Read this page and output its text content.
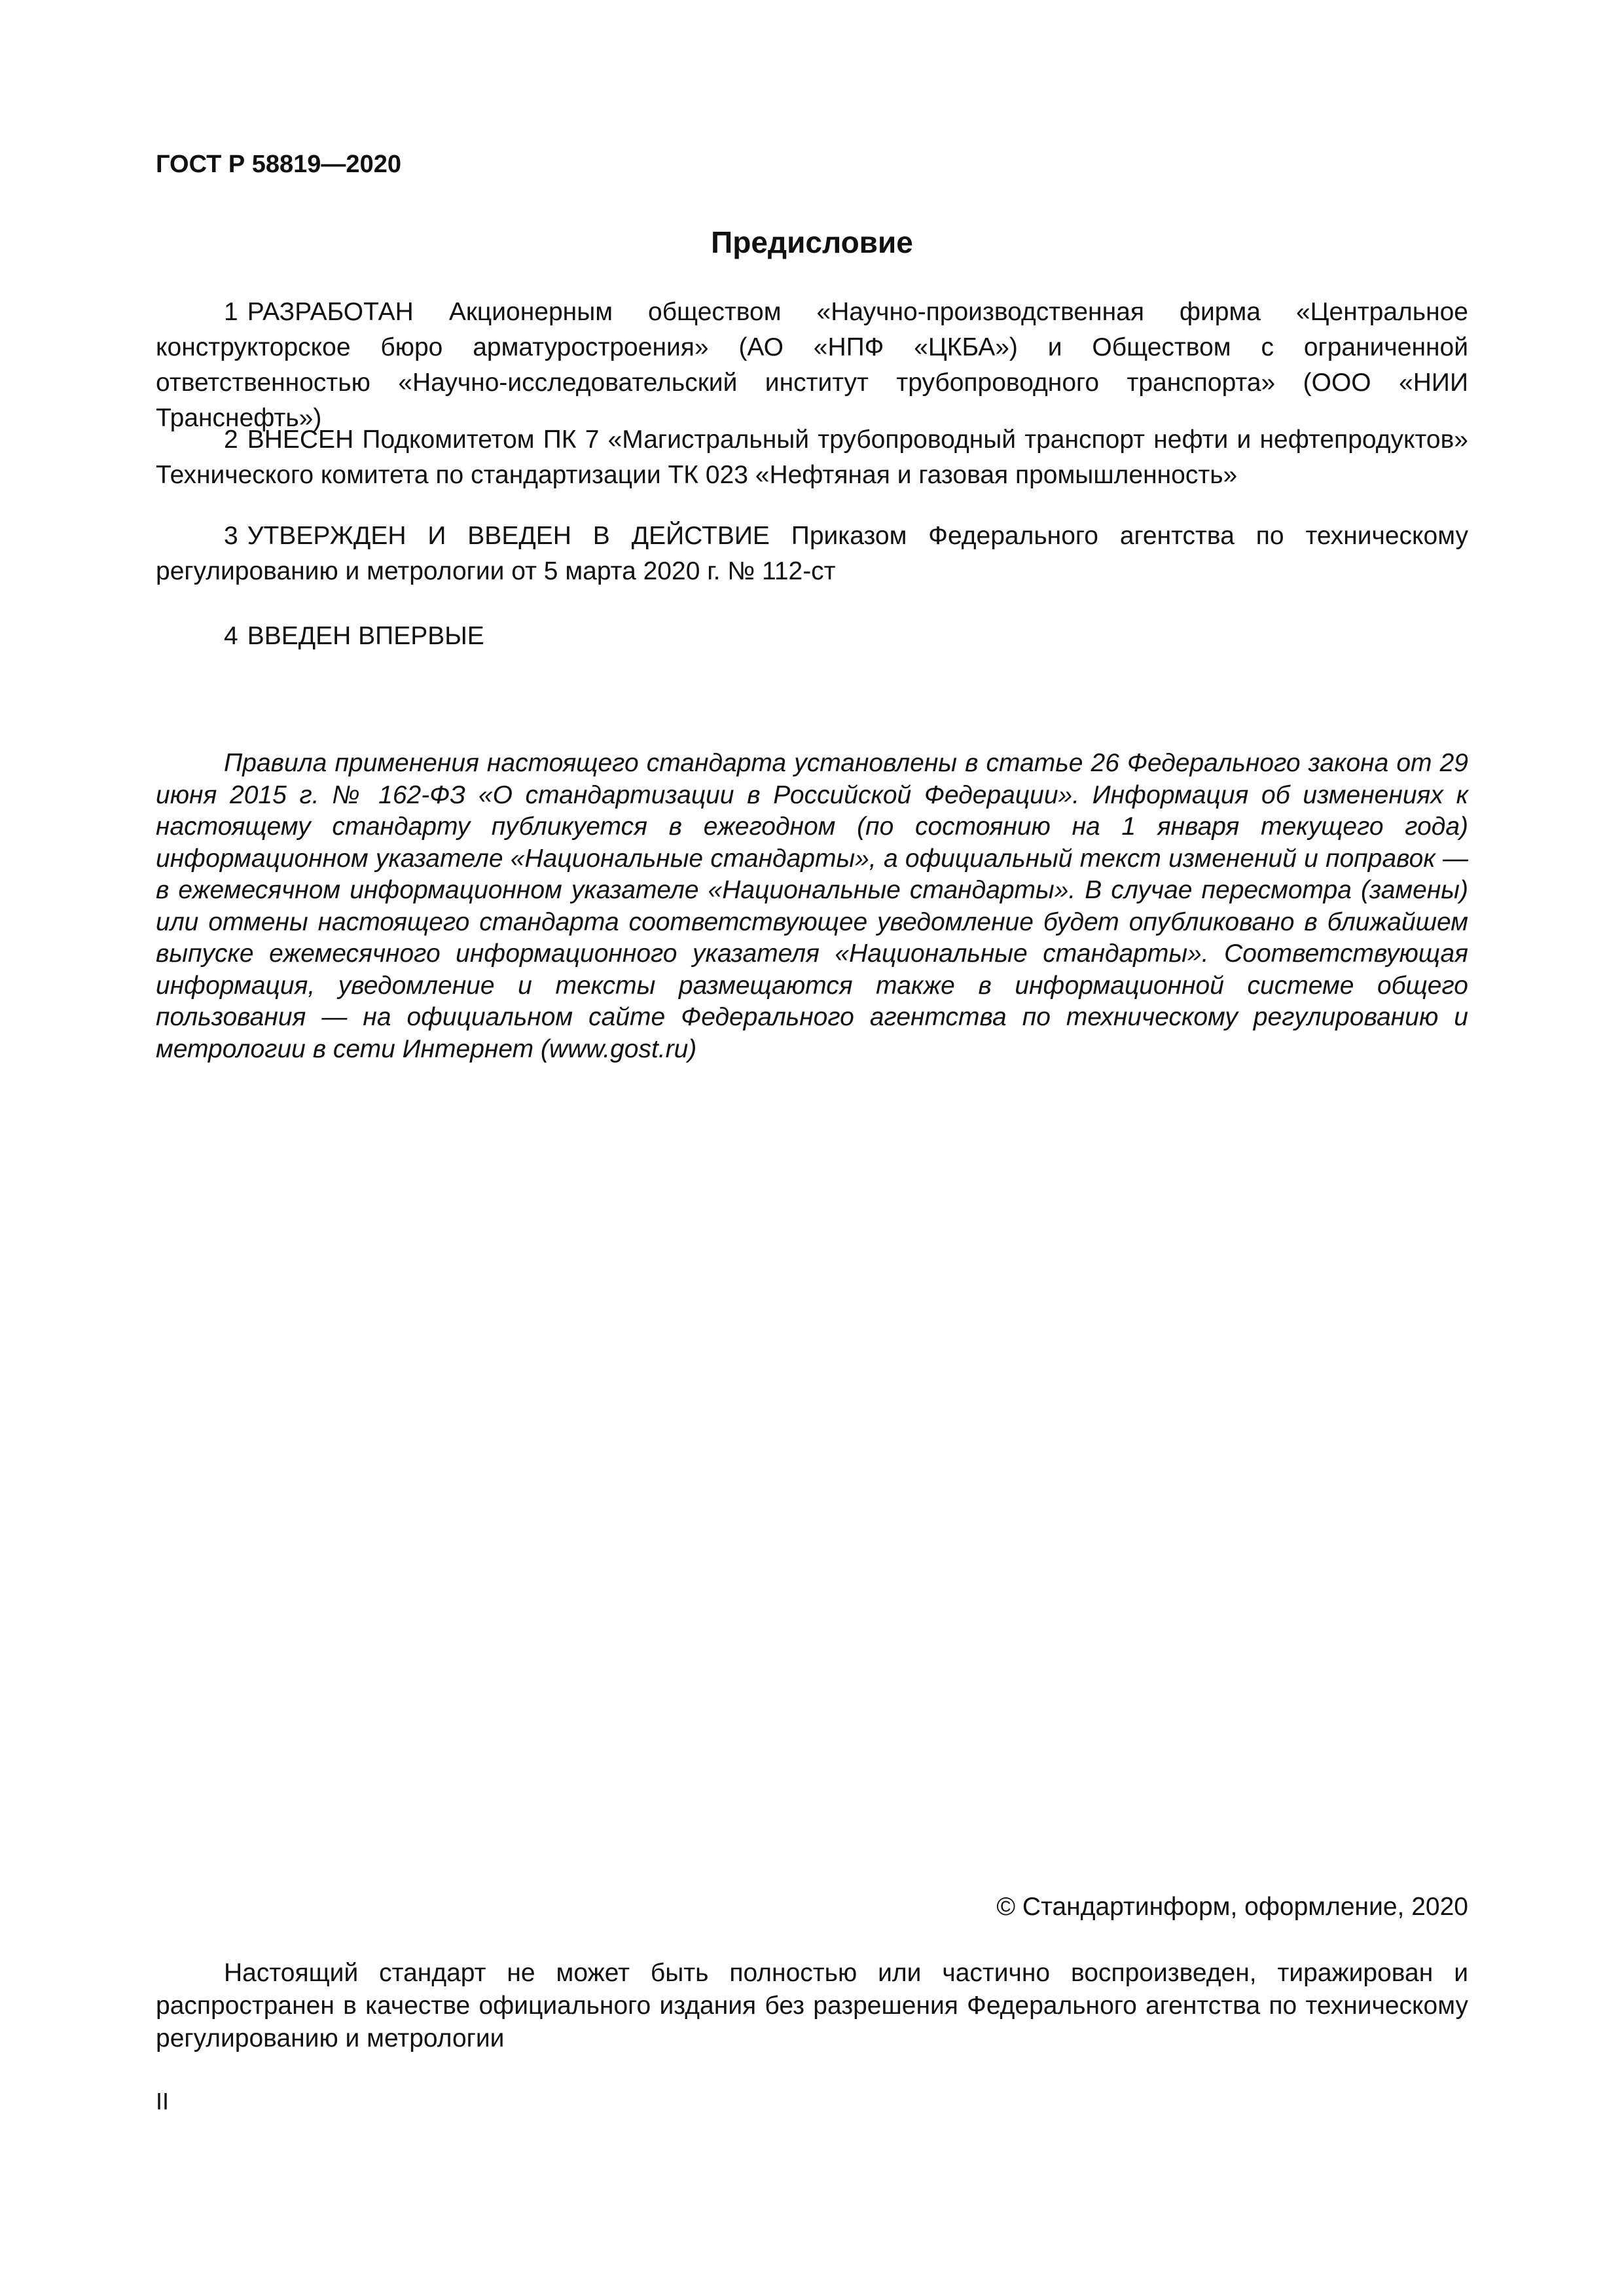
ГОСТ Р 58819—2020
Предисловие

1 РАЗРАБОТАН Акционерным обществом «Научно-производственная фирма «Центральное конструкторское бюро арматуростроения» (АО «НПФ «ЦКБА») и Обществом с ограниченной ответственностью «Научно-исследовательский институт трубопроводного транспорта» (ООО «НИИ Транснефть»)

2 ВНЕСЕН Подкомитетом ПК 7 «Магистральный трубопроводный транспорт нефти и нефтепродуктов» Технического комитета по стандартизации ТК 023 «Нефтяная и газовая промышленность»

3 УТВЕРЖДЕН И ВВЕДЕН В ДЕЙСТВИЕ Приказом Федерального агентства по техническому регулированию и метрологии от 5 марта 2020 г. № 112-ст

4 ВВЕДЕН ВПЕРВЫЕ

Правила применения настоящего стандарта установлены в статье 26 Федерального закона от 29 июня 2015 г. № 162-ФЗ «О стандартизации в Российской Федерации». Информация об изменениях к настоящему стандарту публикуется в ежегодном (по состоянию на 1 января текущего года) информационном указателе «Национальные стандарты», а официальный текст изменений и поправок — в ежемесячном информационном указателе «Национальные стандарты». В случае пересмотра (замены) или отмены настоящего стандарта соответствующее уведомление будет опубликовано в ближайшем выпуске ежемесячного информационного указателя «Национальные стандарты». Соответствующая информация, уведомление и тексты размещаются также в информационной системе общего пользования — на официальном сайте Федерального агентства по техническому регулированию и метрологии в сети Интернет (www.gost.ru)

© Стандартинформ, оформление, 2020

Настоящий стандарт не может быть полностью или частично воспроизведен, тиражирован и распространен в качестве официального издания без разрешения Федерального агентства по техническому регулированию и метрологии

II
